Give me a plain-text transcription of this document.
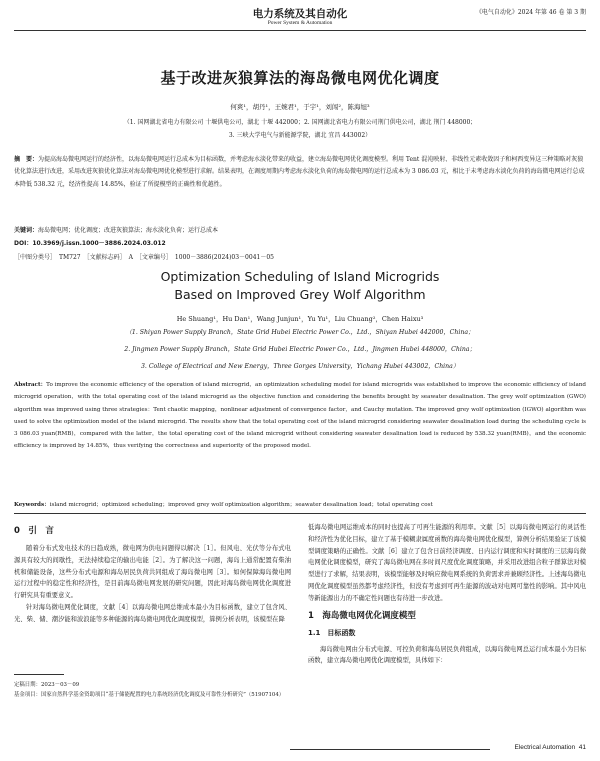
电力系统及其自动化
Power System & Automation
《电气自动化》2024 年第 46 卷 第 3 期
基于改进灰狼算法的海岛微电网优化调度
何爽¹，胡丹¹，王婉君¹，于宇¹，刘闯²，陈海旭³
（1. 国网湖北省电力有限公司 十堰供电公司，湖北 十堰 442000；2. 国网湖北省电力有限公司荆门供电公司，湖北 荆门 448000；
3. 三峡大学电气与新能源学院，湖北 宜昌 443002）
摘　要：为提高海岛微电网运行的经济性，以海岛微电网运行总成本为目标函数，并考虑海水淡化带来的收益，建立海岛微电网优化调度模型。利用 Tent 混沌映射、非线性元素收敛因子和柯西变异这三种策略对灰狼优化算法进行改进，采用改进灰狼优化算法对海岛微电网优化模型进行求解。结果表明，在调度周期内考虑海水淡化负荷的海岛微电网的运行总成本为 3 086.03 元，相比于未考虑海水淡化负荷的海岛微电网运行总成本降低 538.32 元，经济性提高 14.85%，验证了所提模型的正确性和优越性。
关键词：海岛微电网；优化调度；改进灰狼算法；海水淡化负荷；运行总成本
DOI：10.3969/j.issn.1000－3886.2024.03.012
［中图分类号］　TM727　［文献标志码］　A　［文章编号］　1000－3886(2024)03－0041－05
Optimization Scheduling of Island Microgrids
Based on Improved Grey Wolf Algorithm
He Shuang¹，Hu Dan¹，Wang Junjun¹，Yu Yu¹，Liu Chuang²，Chen Haixu³
（1. Shiyan Power Supply Branch，State Grid Hubei Electric Power Co.，Ltd.，Shiyan Hubei 442000，China；
2. Jingmen Power Supply Branch，State Grid Hubei Electric Power Co.，Ltd.，Jingmen Hubei 448000，China；
3. College of Electrical and New Energy，Three Gorges University，Yichang Hubei 443002，China）
Abstract：To improve the economic efficiency of the operation of island microgrid，an optimization scheduling model for island microgrids was established to improve the economic efficiency of island microgrid operation，with the total operating cost of the island microgrid as the objective function and considering the benefits brought by seawater desalination. The grey wolf optimization (GWO) algorithm was improved using three strategies：Tent chaotic mapping，nonlinear adjustment of convergence factor，and Cauchy mutation. The improved grey wolf optimization (IGWO) algorithm was used to solve the optimization model of the island microgrid. The results show that the total operating cost of the island microgrid considering seawater desalination load during the scheduling cycle is 3 086.03 yuan(RMB)，compared with the latter，the total operating cost of the island microgrid without considering seawater desalination load is reduced by 538.32 yuan(RMB)，and the economic efficiency is improved by 14.85%，thus verifying the correctness and superiority of the proposed model.
Keywords：island microgrid；optimized scheduling；improved grey wolf optimization algorithm；seawater desalination load；total operating cost
0　引　言

随着分布式发电技术的日趋成熟，微电网为供电问题得以解决［1］。但风电、光伏等分布式电源具有较大的间歇性，无法持续稳定的输出电能［2］。为了解决这一问题，海岛上通常配置有柴油机和储能设备，这些分布式电源和海岛居民负荷共同组成了海岛微电网［3］。如何保障海岛微电网运行过程中的稳定性和经济性，是目前海岛微电网发展的研究问题，因此对海岛微电网优化调度进行研究具有重要意义。

针对海岛微电网优化调度，文献［4］以海岛微电网总维成本最小为目标函数，建立了包含风、光、柴、储、潮汐能和波浪能等多种能源的海岛微电网优化调度模型，算例分析表明，该模型在降

低海岛微电网运维成本的同时也提高了可再生能源的利用率。文献［5］以海岛微电网运行的灵活性和经济性为优化目标，建立了基于模糊隶属度函数的海岛微电网优化模型，算例分析结果验证了该模型调度策略的正确性。文献［6］建立了包含日前经济调度、日内运行调度和实时调度的三层海岛微电网优化调度模型，研究了海岛微电网在多时间尺度优化调度策略，并采用改进组合粒子群算法对模型进行了求解，结果表明，该模型能够及时响应微电网系统的负荷需求并兼顾经济性。上述海岛微电网优化调度模型虽然都考虑经济性，但没有考虑到可再生能源的波动对电网可靠性的影响。其中风电等新能源出力的不确定性问题也有待进一步改进。

1　海岛微电网优化调度模型
1.1　目标函数

海岛微电网由分布式电源、可控负荷和海岛居民负荷组成，以海岛微电网总运行成本最小为目标函数，建立海岛微电网优化调度模型，具体如下：

定稿日期：2023－03－09
基金项目：国家自然科学基金资助项目“基于储能配置的电力系统经济优化调度及可靠性分析研究”（51907104）
Electrical Automation 41
